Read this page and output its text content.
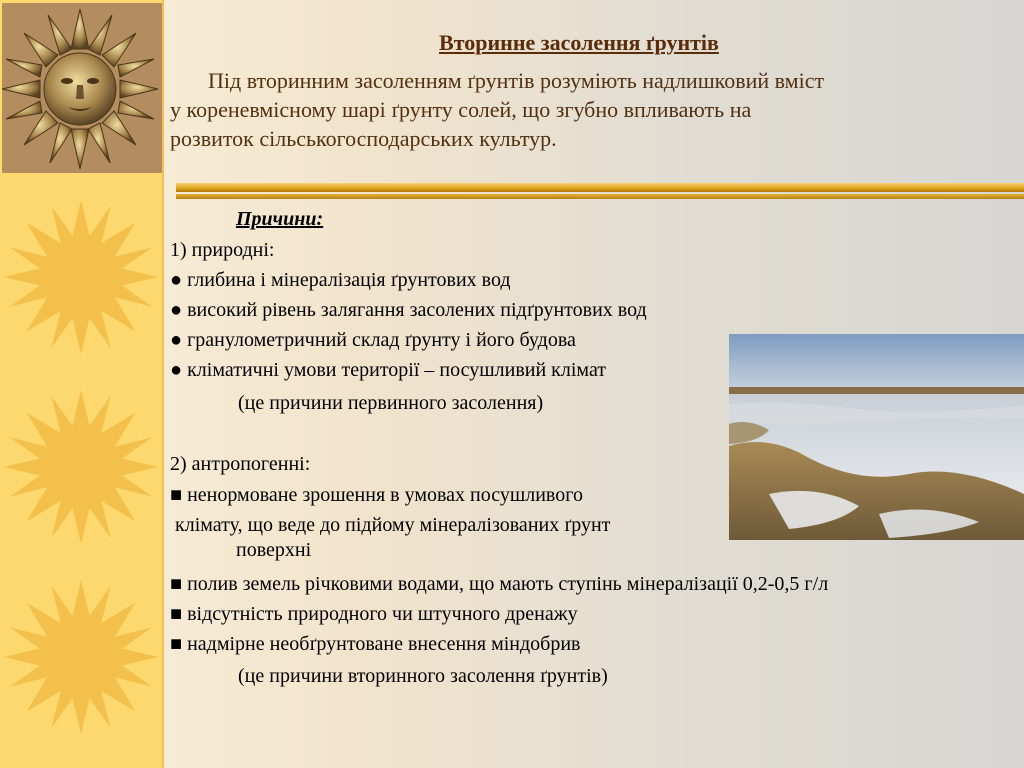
Вторинне засолення ґрунтів
Під вторинним засоленням ґрунтів розуміють надлишковий вміст
у кореневмісному шарі ґрунту солей, що згубно впливають на
розвиток сільськогосподарських культур.
Причини:
1) природні:
● глибина і мінералізація ґрунтових вод
● високий рівень залягання засолених підґрунтових вод
● гранулометричний склад ґрунту і його будова
● кліматичні умови території – посушливий клімат
(це причини первинного засолення)
2) антропогенні:
■ ненормоване зрошення в умовах посушливого
клімату, що веде до підйому мінералізованих ґрунт
поверхні
■ полив земель річковими водами, що мають ступінь мінералізації 0,2-0,5 г/л
■ відсутність природного чи штучного дренажу
■ надмірне необґрунтоване внесення міндобрив
(це причини вторинного засолення ґрунтів)
